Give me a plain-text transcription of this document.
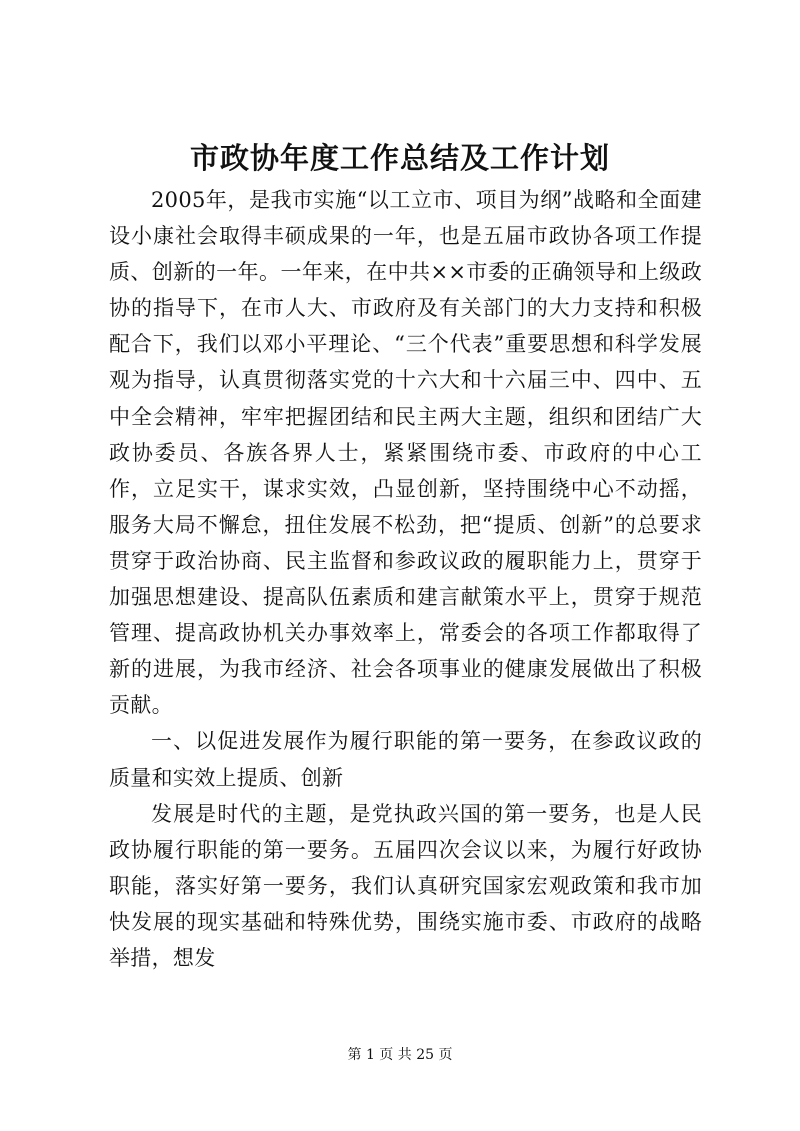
市政协年度工作总结及工作计划

2005年，是我市实施“以工立市、项目为纲”战略和全面建设小康社会取得丰硕成果的一年，也是五届市政协各项工作提质、创新的一年。一年来，在中共××市委的正确领导和上级政协的指导下，在市人大、市政府及有关部门的大力支持和积极配合下，我们以邓小平理论、“三个代表”重要思想和科学发展观为指导，认真贯彻落实党的十六大和十六届三中、四中、五中全会精神，牢牢把握团结和民主两大主题，组织和团结广大政协委员、各族各界人士，紧紧围绕市委、市政府的中心工作，立足实干，谋求实效，凸显创新，坚持围绕中心不动摇，服务大局不懈怠，扭住发展不松劲，把“提质、创新”的总要求贯穿于政治协商、民主监督和参政议政的履职能力上，贯穿于加强思想建设、提高队伍素质和建言献策水平上，贯穿于规范管理、提高政协机关办事效率上，常委会的各项工作都取得了新的进展，为我市经济、社会各项事业的健康发展做出了积极贡献。

一、以促进发展作为履行职能的第一要务，在参政议政的质量和实效上提质、创新

发展是时代的主题，是党执政兴国的第一要务，也是人民政协履行职能的第一要务。五届四次会议以来，为履行好政协职能，落实好第一要务，我们认真研究国家宏观政策和我市加快发展的现实基础和特殊优势，围绕实施市委、市政府的战略举措，想发

第 1 页 共 25 页
